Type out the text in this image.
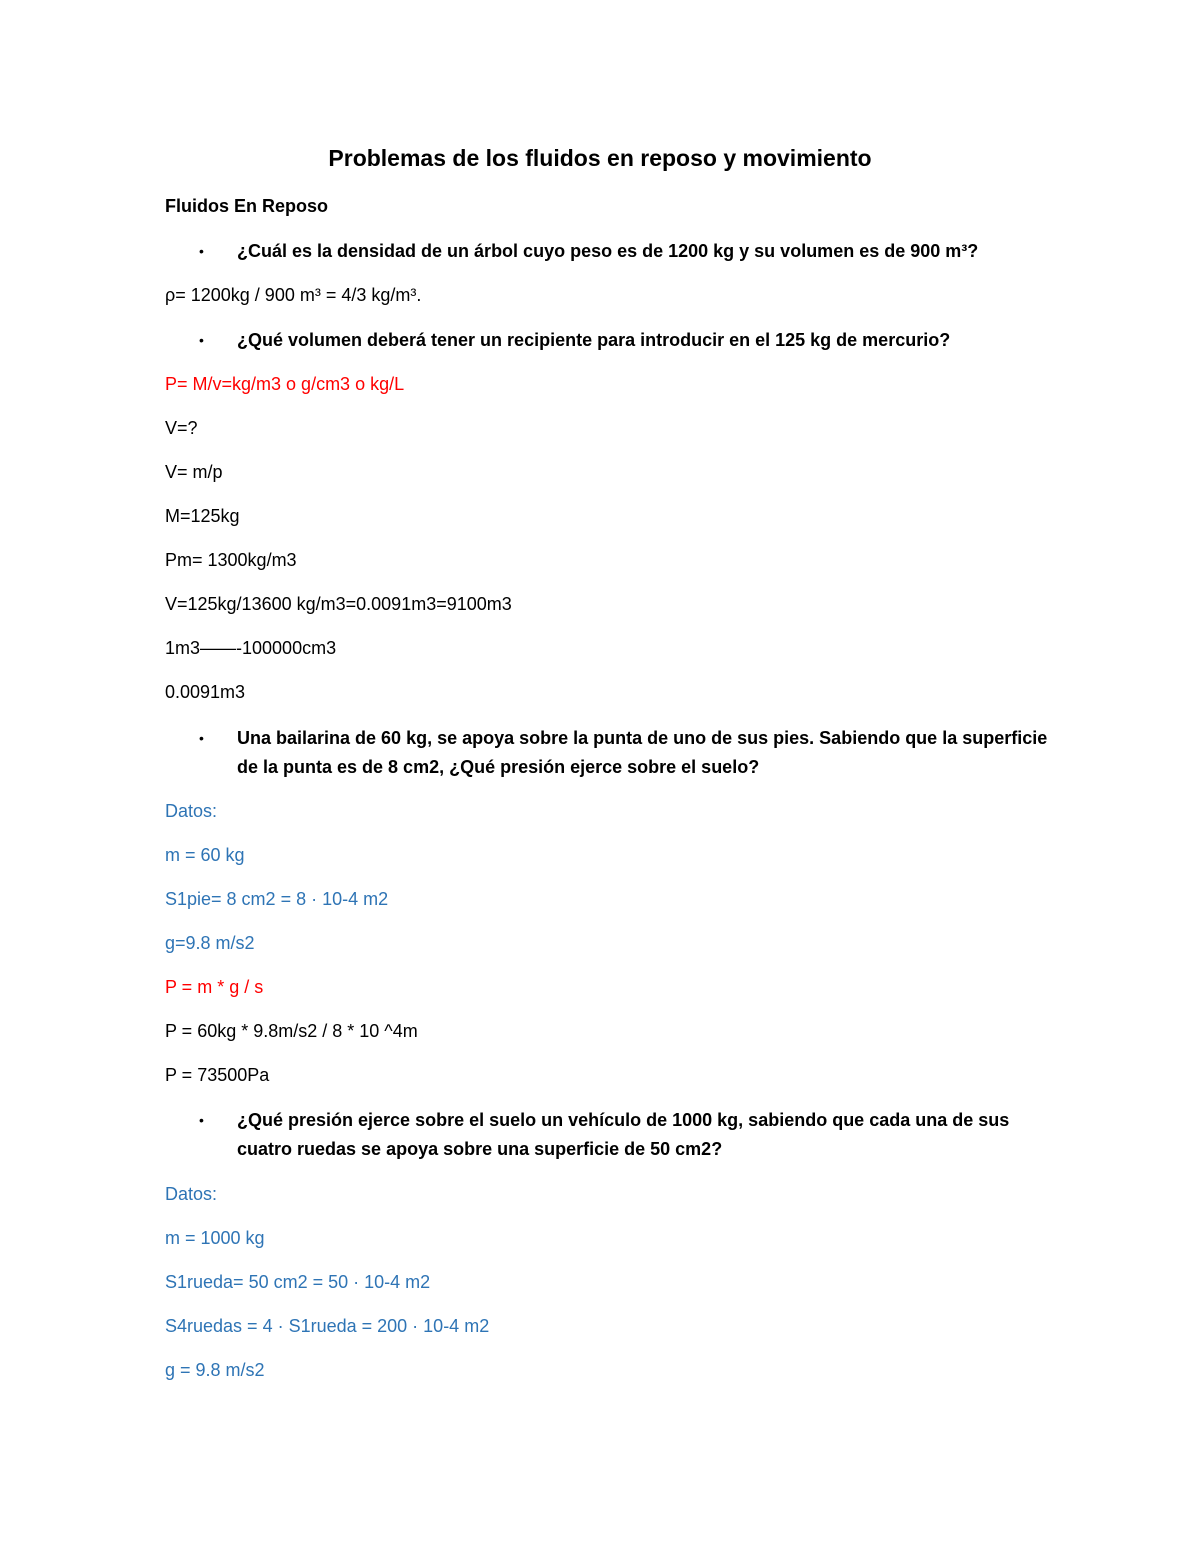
Problemas de los fluidos en reposo y movimiento
Fluidos En Reposo
• ¿Cuál es la densidad de un árbol cuyo peso es de 1200 kg y su volumen es de 900 m³?
ρ= 1200kg / 900 m³ = 4/3 kg/m³.
• ¿Qué volumen deberá tener un recipiente para introducir en el 125 kg de mercurio?
P= M/v=kg/m3 o g/cm3 o kg/L
V=?
V= m/p
M=125kg
Pm= 1300kg/m3
V=125kg/13600 kg/m3=0.0091m3=9100m3
1m3——-100000cm3
0.0091m3
• Una bailarina de 60 kg, se apoya sobre la punta de uno de sus pies. Sabiendo que la superficie de la punta es de 8 cm2, ¿Qué presión ejerce sobre el suelo?
Datos:
m = 60 kg
S1pie= 8 cm2 = 8 · 10-4 m2
g=9.8 m/s2
P = m * g / s
P = 60kg * 9.8m/s2 / 8 * 10 ^4m
P = 73500Pa
• ¿Qué presión ejerce sobre el suelo un vehículo de 1000 kg, sabiendo que cada una de sus cuatro ruedas se apoya sobre una superficie de 50 cm2?
Datos:
m = 1000 kg
S1rueda= 50 cm2 = 50 · 10-4 m2
S4ruedas = 4 · S1rueda = 200 · 10-4 m2
g = 9.8 m/s2
